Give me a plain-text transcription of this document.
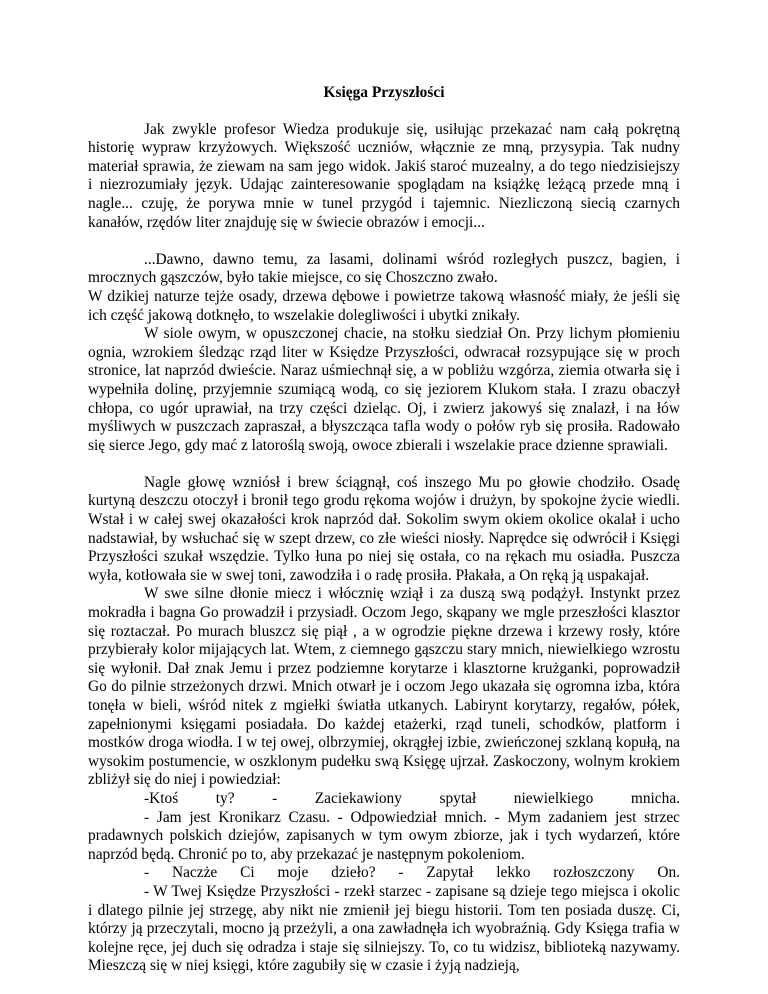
Księga Przyszłości

Jak zwykle profesor Wiedza produkuje się, usiłując przekazać nam całą pokrętną historię wypraw krzyżowych. Większość uczniów, włącznie ze mną, przysypia. Tak nudny materiał sprawia, że ziewam na sam jego widok. Jakiś staroć muzealny, a do tego niedzisiejszy i niezrozumiały język. Udając zainteresowanie spoglądam na książkę leżącą przede mną i nagle... czuję, że porywa mnie w tunel przygód i tajemnic. Niezliczoną siecią czarnych kanałów, rzędów liter znajduję się w świecie obrazów i emocji...

...Dawno, dawno temu, za lasami, dolinami wśród rozległych puszcz, bagien, i mrocznych gąszczów, było takie miejsce, co się Choszczno zwało.

W dzikiej naturze tejże osady, drzewa dębowe i powietrze takową własność miały, że jeśli się ich część jakową dotknęło, to wszelakie dolegliwości i ubytki znikały.

W siole owym, w opuszczonej chacie, na stołku siedział On. Przy lichym płomieniu ognia, wzrokiem śledząc rząd liter w Księdze Przyszłości, odwracał rozsypujące się w proch stronice, lat naprzód dwieście. Naraz uśmiechnął się, a w pobliżu wzgórza, ziemia otwarła się i wypełniła dolinę, przyjemnie szumiącą wodą, co się jeziorem Klukom stała. I zrazu obaczył chłopa, co ugór uprawiał, na trzy części dzieląc. Oj, i zwierz jakowyś się znalazł, i na łów myśliwych w puszczach zapraszał, a błyszcząca tafla wody o połów ryb się prosiła. Radowało się sierce Jego, gdy mać z latoroślą swoją, owoce zbierali i wszelakie prace dzienne sprawiali.

Nagle głowę wzniósł i brew ściągnął, coś inszego Mu po głowie chodziło. Osadę kurtyną deszczu otoczył i bronił tego grodu rękoma wojów i drużyn, by spokojne życie wiedli. Wstał i w całej swej okazałości krok naprzód dał. Sokolim swym okiem okolice okalał i ucho nadstawiał, by wsłuchać się w szept drzew, co złe wieści niosły. Naprędce się odwrócił i Księgi Przyszłości szukał wszędzie. Tylko łuna po niej się ostała, co na rękach mu osiadła. Puszcza wyła, kotłowała sie w swej toni, zawodziła i o radę prosiła. Płakała, a On ręką ją uspakajał.

W swe silne dłonie miecz i włócznię wziął i za duszą swą podążył. Instynkt przez mokradła i bagna Go prowadził i przysiadł. Oczom Jego, skąpany we mgle przeszłości klasztor się roztaczał. Po murach bluszcz się piął , a w ogrodzie piękne drzewa i krzewy rosły, które przybierały kolor mijających lat. Wtem, z ciemnego gąszczu stary mnich, niewielkiego wzrostu się wyłonił. Dał znak Jemu i przez podziemne korytarze i klasztorne krużganki, poprowadził Go do pilnie strzeżonych drzwi. Mnich otwarł je i oczom Jego ukazała się ogromna izba, która tonęła w bieli, wśród nitek z mgiełki światła utkanych. Labirynt korytarzy, regałów, półek, zapełnionymi księgami posiadała. Do każdej etażerki, rząd tuneli, schodków, platform i mostków droga wiodła. I w tej owej, olbrzymiej, okrągłej izbie, zwieńczonej szklaną kopułą, na wysokim postumencie, w oszklonym pudełku swą Księgę ujrzał. Zaskoczony, wolnym krokiem zbliżył się do niej i powiedział:

-Ktoś ty? - Zaciekawiony spytał niewielkiego mnicha.

- Jam jest Kronikarz Czasu. - Odpowiedział mnich. - Mym zadaniem jest strzec pradawnych polskich dziejów, zapisanych w tym owym zbiorze, jak i tych wydarzeń, które naprzód będą. Chronić po to, aby przekazać je następnym pokoleniom.

- Naczże Ci moje dzieło? - Zapytał lekko rozłoszczony On.

- W Twej Księdze Przyszłości - rzekł starzec - zapisane są dzieje tego miejsca i okolic i dlatego pilnie jej strzegę, aby nikt nie zmienił jej biegu historii. Tom ten posiada duszę. Ci, którzy ją przeczytali, mocno ją przeżyli, a ona zawładnęła ich wyobraźnią. Gdy Księga trafia w kolejne ręce, jej duch się odradza i staje się silniejszy. To, co tu widzisz, biblioteką nazywamy. Mieszczą się w niej księgi, które zagubiły się w czasie i żyją nadzieją,
